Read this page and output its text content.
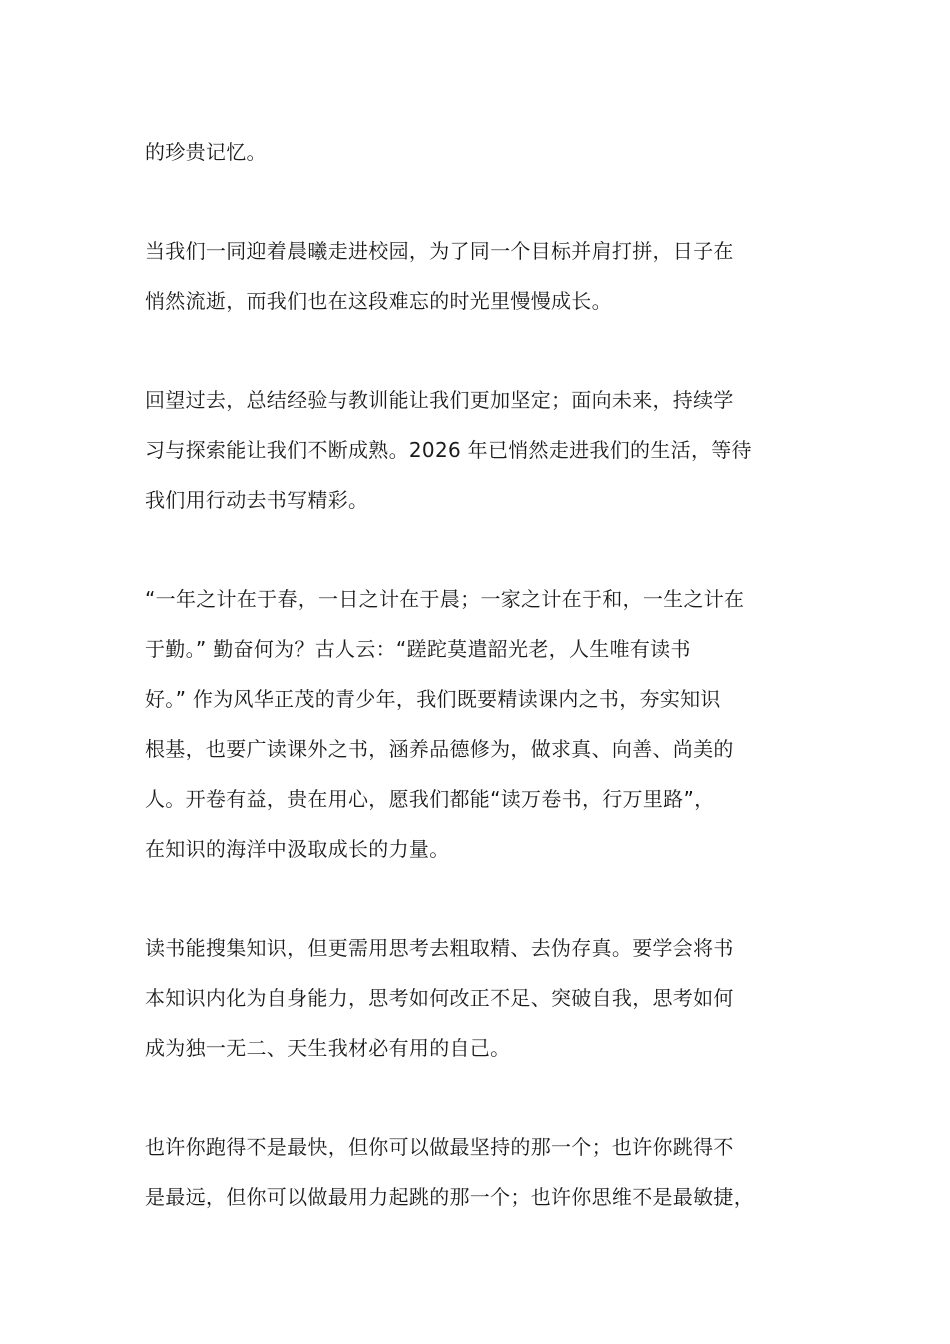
的珍贵记忆。
当我们一同迎着晨曦走进校园，为了同一个目标并肩打拼，日子在
悄然流逝，而我们也在这段难忘的时光里慢慢成长。
回望过去，总结经验与教训能让我们更加坚定；面向未来，持续学
习与探索能让我们不断成熟。2026 年已悄然走进我们的生活，等待
我们用行动去书写精彩。
“一年之计在于春，一日之计在于晨；一家之计在于和，一生之计在
于勤。” 勤奋何为？古人云：“蹉跎莫遣韶光老，人生唯有读书
好。” 作为风华正茂的青少年，我们既要精读课内之书，夯实知识
根基，也要广读课外之书，涵养品德修为，做求真、向善、尚美的
人。开卷有益，贵在用心，愿我们都能“读万卷书，行万里路”，
在知识的海洋中汲取成长的力量。
读书能搜集知识，但更需用思考去粗取精、去伪存真。要学会将书
本知识内化为自身能力，思考如何改正不足、突破自我，思考如何
成为独一无二、天生我材必有用的自己。
也许你跑得不是最快，但你可以做最坚持的那一个；也许你跳得不
是最远，但你可以做最用力起跳的那一个；也许你思维不是最敏捷，
